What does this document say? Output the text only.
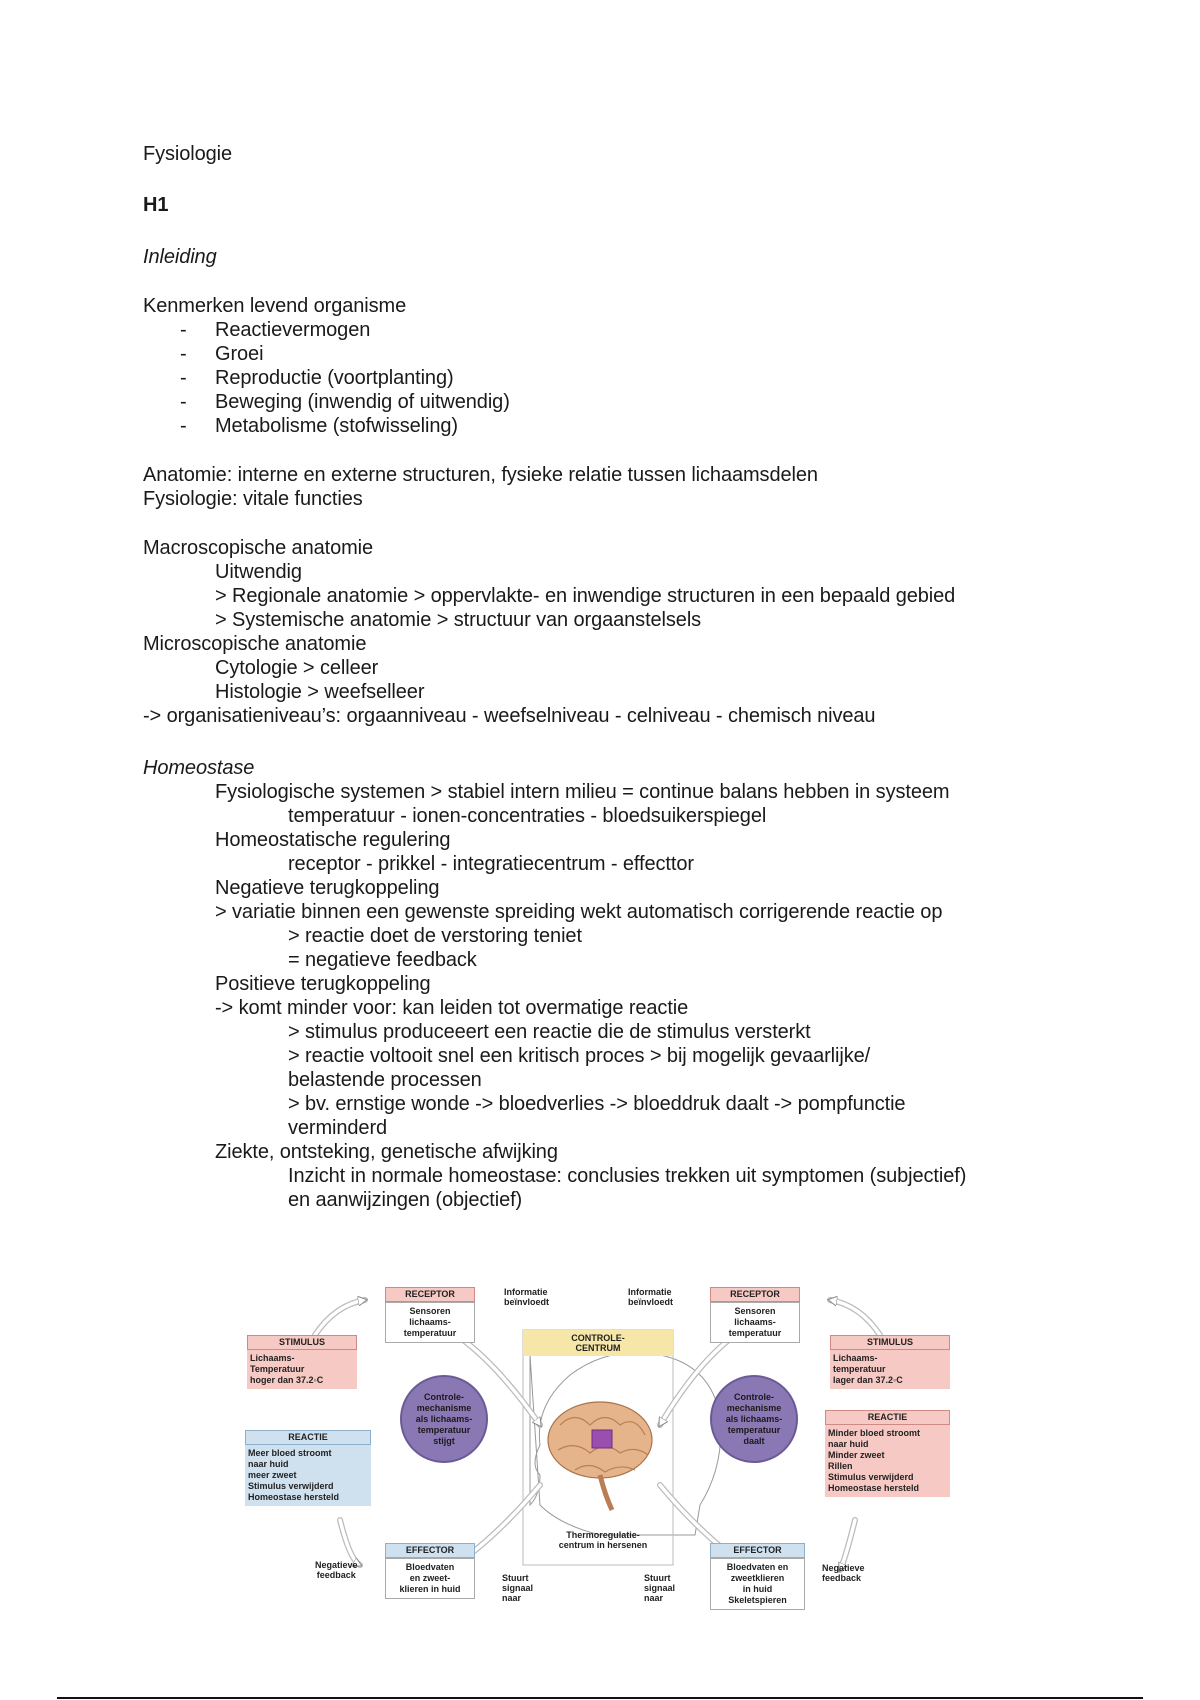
Fysiologie
H1
Inleiding
Kenmerken levend organisme
- Reactievermogen
- Groei
- Reproductie (voortplanting)
- Beweging (inwendig of uitwendig)
- Metabolisme (stofwisseling)
Anatomie: interne en externe structuren, fysieke relatie tussen lichaamsdelen
Fysiologie: vitale functies
Macroscopische anatomie
Uitwendig
> Regionale anatomie > oppervlakte- en inwendige structuren in een bepaald gebied
> Systemische anatomie > structuur van orgaanstelsels
Microscopische anatomie
Cytologie > celleer
Histologie > weefselleer
-> organisatieniveau’s: orgaanniveau - weefselniveau - celniveau - chemisch niveau
Homeostase
Fysiologische systemen > stabiel intern milieu = continue balans hebben in systeem
temperatuur - ionen-concentraties - bloedsuikerspiegel
Homeostatische regulering
receptor - prikkel - integratiecentrum - effecttor
Negatieve terugkoppeling
> variatie binnen een gewenste spreiding wekt automatisch corrigerende reactie op
> reactie doet de verstoring teniet
= negatieve feedback
Positieve terugkoppeling
-> komt minder voor: kan leiden tot overmatige reactie
> stimulus produceeert een reactie die de stimulus versterkt
> reactie voltooit snel een kritisch proces > bij mogelijk gevaarlijke/
belastende processen
> bv. ernstige wonde -> bloedverlies -> bloeddruk daalt -> pompfunctie
verminderd
Ziekte, ontsteking, genetische afwijking
Inzicht in normale homeostase: conclusies trekken uit symptomen (subjectief)
en aanwijzingen (objectief)
STIMULUS
Lichaams-
Temperatuur
hoger dan 37.2◦C
RECEPTOR
Sensoren
lichaams-
temperatuur
Informatie
beïnvloedt
CONTROLE-
CENTRUM
Informatie
beïnvloedt
RECEPTOR
Sensoren
lichaams-
temperatuur
STIMULUS
Lichaams-
temperatuur
lager dan 37.2◦C
Controle-
mechanisme
als lichaams-
temperatuur
stijgt
Controle-
mechanisme
als lichaams-
temperatuur
daalt
REACTIE
Meer bloed stroomt
naar huid
meer zweet
Stimulus verwijderd
Homeostase hersteld
REACTIE
Minder bloed stroomt
naar huid
Minder zweet
Rillen
Stimulus verwijderd
Homeostase hersteld
Thermoregulatie-
centrum in hersenen
Negatieve
feedback
EFFECTOR
Bloedvaten
en zweet-
klieren in huid
Stuurt
signaal
naar
Stuurt
signaal
naar
EFFECTOR
Bloedvaten en
zweetklieren
in huid
Skeletspieren
Negatieve
feedback
